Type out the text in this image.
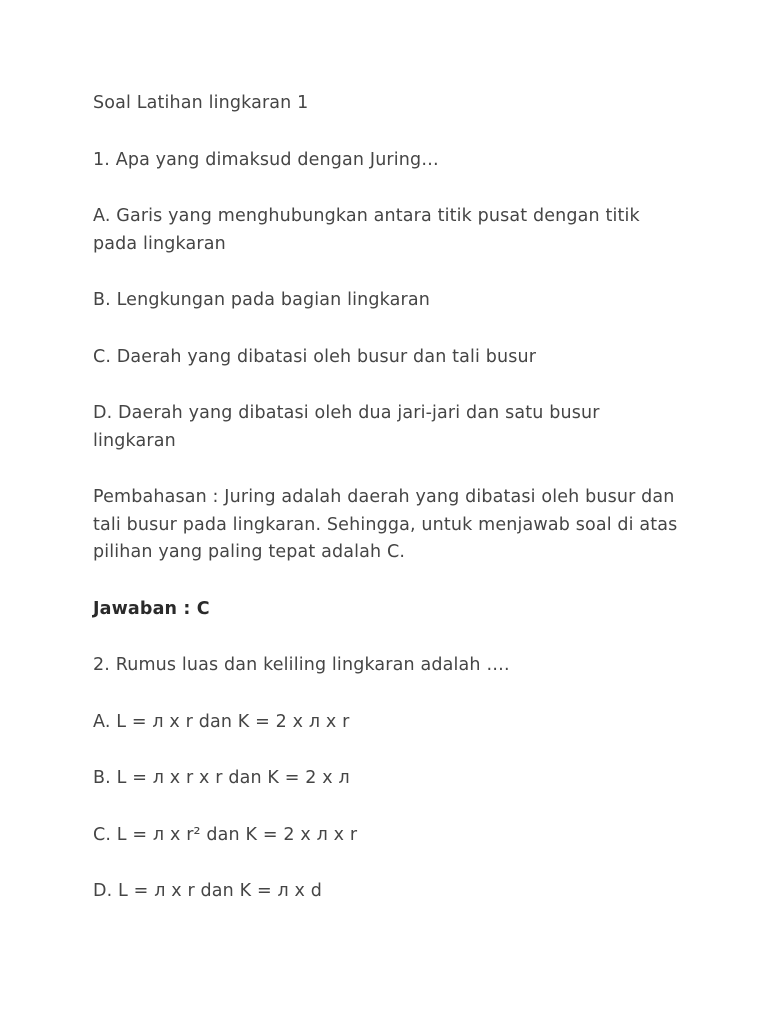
Soal Latihan lingkaran 1

1. Apa yang dimaksud dengan Juring…

A. Garis yang menghubungkan antara titik pusat dengan titik pada lingkaran

B. Lengkungan pada bagian lingkaran

C. Daerah yang dibatasi oleh busur dan tali busur

D. Daerah yang dibatasi oleh dua jari-jari dan satu busur lingkaran

Pembahasan : Juring adalah daerah yang dibatasi oleh busur dan tali busur pada lingkaran. Sehingga, untuk menjawab soal di atas pilihan yang paling tepat adalah C.

Jawaban : C

2. Rumus luas dan keliling lingkaran adalah ….

A. L = л x r dan K = 2 x л x r

B. L = л x r x r dan K = 2 x л

C. L = л x r² dan K = 2 x л x r

D. L = л x r dan K = л x d
